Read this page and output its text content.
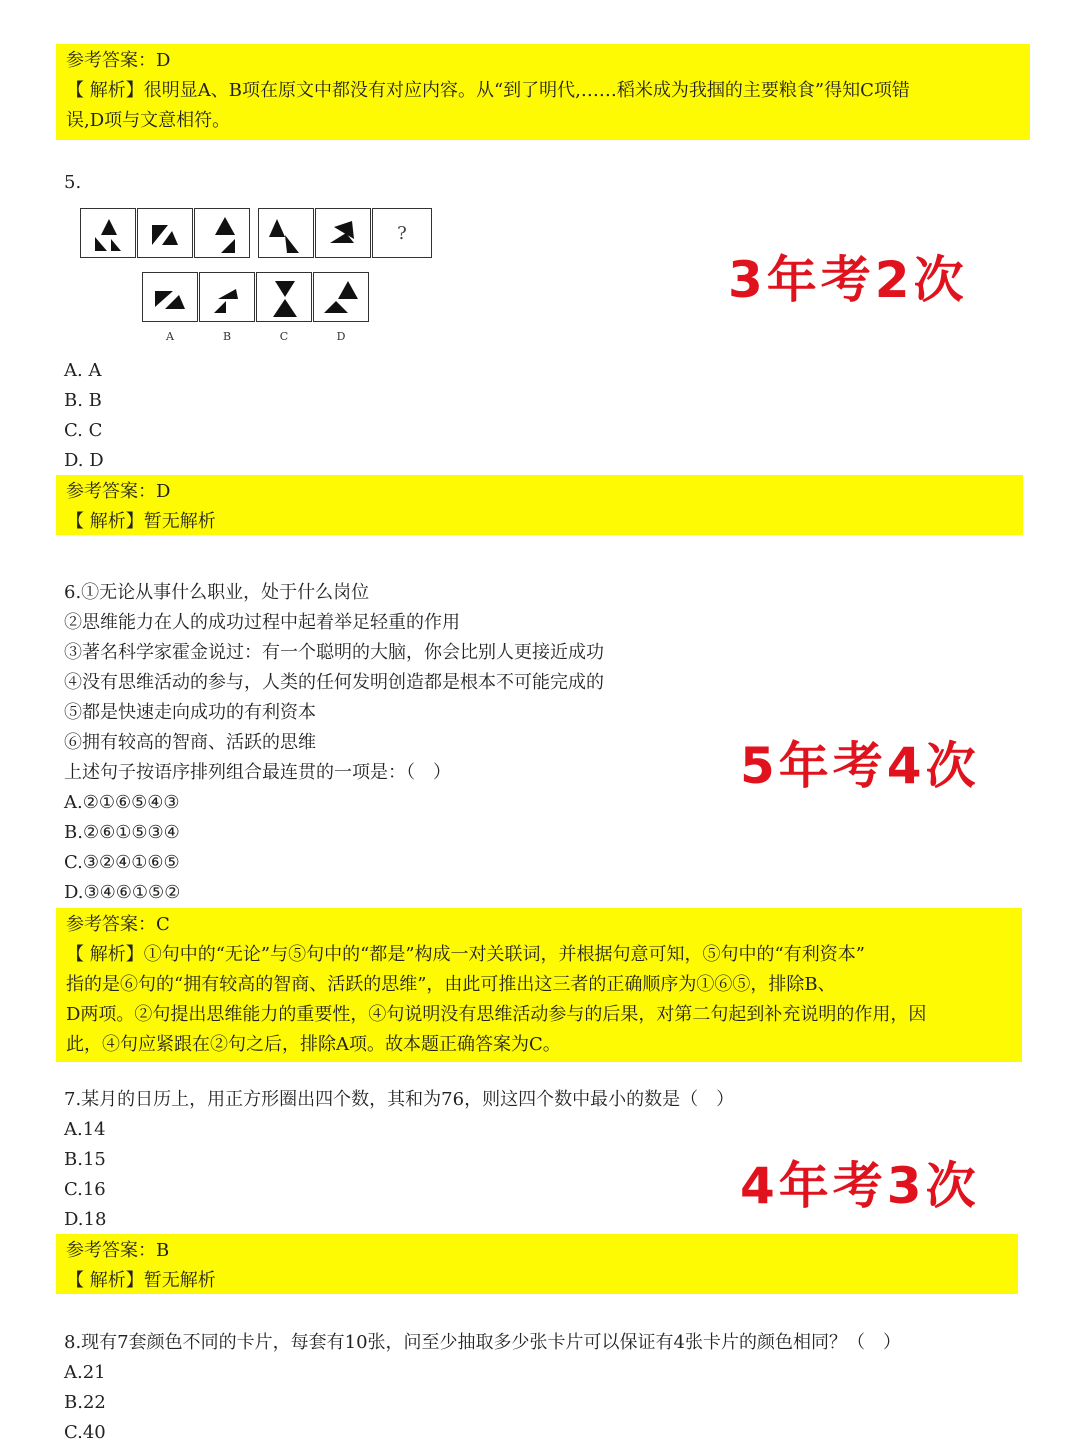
参考答案：D
【 解析】很明显A、B项在原文中都没有对应内容。从“到了明代,……稻米成为我掴的主要粮食”得知C项错
误,D项与文意相符。
5.
?
A	B	C	D
3年考2次
A. A
B. B
C. C
D. D
参考答案：D
【 解析】暂无解析
6.①无论从事什么职业，处于什么岗位
②思维能力在人的成功过程中起着举足轻重的作用
③著名科学家霍金说过：有一个聪明的大脑，你会比别人更接近成功
④没有思维活动的参与，人类的任何发明创造都是根本不可能完成的
⑤都是快速走向成功的有利资本
⑥拥有较高的智商、活跃的思维
上述句子按语序排列组合最连贯的一项是：（　）	5年考4次
A.②①⑥⑤④③
B.②⑥①⑤③④
C.③②④①⑥⑤
D.③④⑥①⑤②
参考答案：C
【 解析】①句中的“无论”与⑤句中的“都是”构成一对关联词，并根据句意可知，⑤句中的“有利资本”
指的是⑥句的“拥有较高的智商、活跃的思维”，由此可推出这三者的正确顺序为①⑥⑤，排除B、
D两项。②句提出思维能力的重要性，④句说明没有思维活动参与的后果，对第二句起到补充说明的作用，因
此，④句应紧跟在②句之后，排除A项。故本题正确答案为C。
7.某月的日历上，用正方形圈出四个数，其和为76，则这四个数中最小的数是（　）
A.14
B.15
C.16
D.18
4年考3次
参考答案：B
【 解析】暂无解析
8.现有7套颜色不同的卡片，每套有10张，问至少抽取多少张卡片可以保证有4张卡片的颜色相同？（　）
A.21
B.22
C.40
